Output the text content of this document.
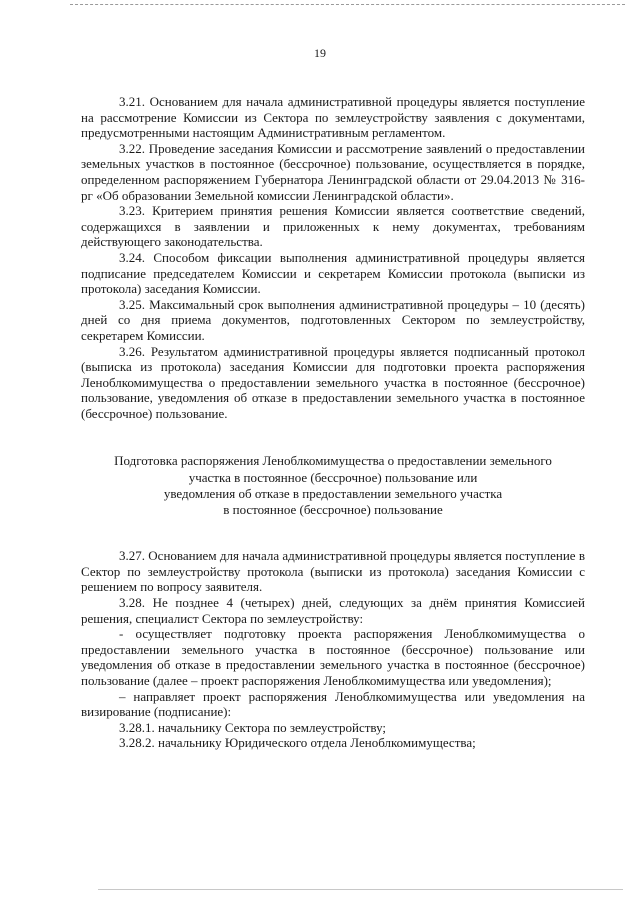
19

3.21. Основанием для начала административной процедуры является поступление на рассмотрение Комиссии из Сектора по землеустройству заявления с документами, предусмотренными настоящим Административным регламентом.

3.22. Проведение заседания Комиссии и рассмотрение заявлений о предоставлении земельных участков в постоянное (бессрочное) пользование, осуществляется в порядке, определенном распоряжением Губернатора Ленинградской области от 29.04.2013 № 316-рг «Об образовании Земельной комиссии Ленинградской области».

3.23. Критерием принятия решения Комиссии является соответствие сведений, содержащихся в заявлении и приложенных к нему документах, требованиям действующего законодательства.

3.24. Способом фиксации выполнения административной процедуры является подписание председателем Комиссии и секретарем Комиссии протокола (выписки из протокола) заседания Комиссии.

3.25. Максимальный срок выполнения административной процедуры – 10 (десять) дней со дня приема документов, подготовленных Сектором по землеустройству, секретарем Комиссии.

3.26. Результатом административной процедуры является подписанный протокол (выписка из протокола) заседания Комиссии для подготовки проекта распоряжения Леноблкомимущества о предоставлении земельного участка в постоянное (бессрочное) пользование, уведомления об отказе в предоставлении земельного участка в постоянное (бессрочное) пользование.

Подготовка распоряжения Леноблкомимущества о предоставлении земельного
участка в постоянное (бессрочное) пользование или
уведомления об отказе в предоставлении земельного участка
в постоянное (бессрочное) пользование

3.27. Основанием для начала административной процедуры является поступление в Сектор по землеустройству протокола (выписки из протокола) заседания Комиссии с решением по вопросу заявителя.

3.28. Не позднее 4 (четырех) дней, следующих за днём принятия Комиссией решения, специалист Сектора по землеустройству:

- осуществляет подготовку проекта распоряжения Леноблкомимущества о предоставлении земельного участка в постоянное (бессрочное) пользование или уведомления об отказе в предоставлении земельного участка в постоянное (бессрочное) пользование (далее – проект распоряжения Леноблкомимущества или уведомления);

– направляет проект распоряжения Леноблкомимущества или уведомления на визирование (подписание):

3.28.1. начальнику Сектора по землеустройству;

3.28.2. начальнику Юридического отдела Леноблкомимущества;
